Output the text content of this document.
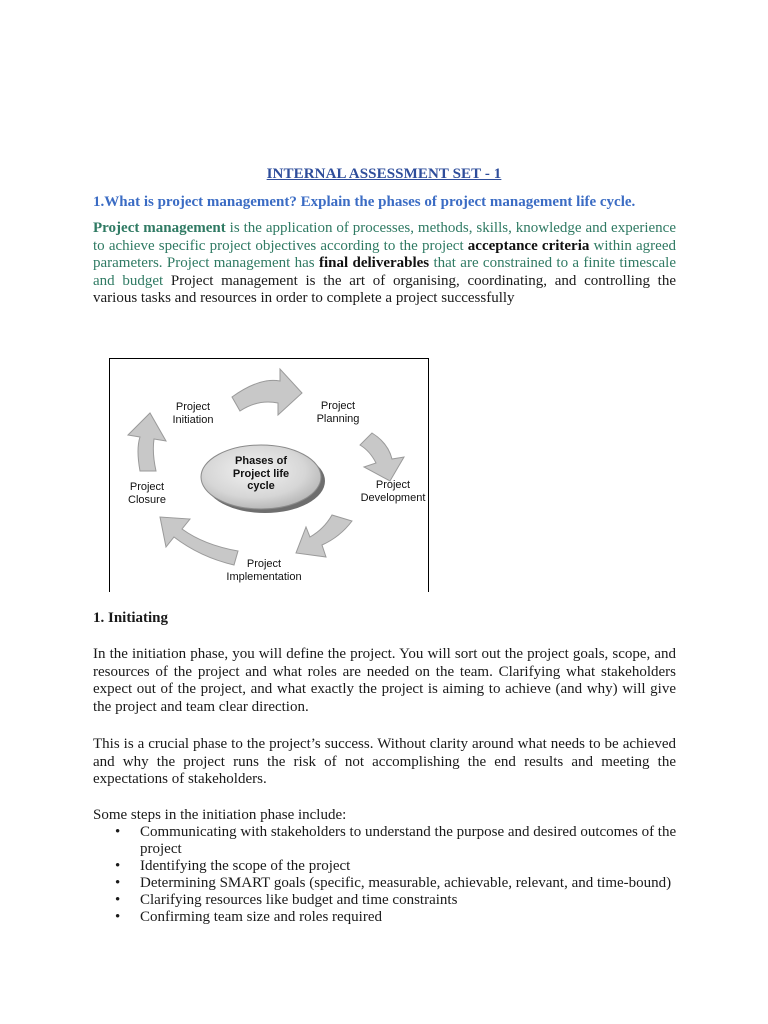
INTERNAL ASSESSMENT SET - 1
1.What is project management? Explain the phases of project management life cycle.
Project management is the application of processes, methods, skills, knowledge and experience to achieve specific project objectives according to the project acceptance criteria within agreed parameters. Project management has final deliverables that are constrained to a finite timescale and budget Project management is the art of organising, coordinating, and controlling the various tasks and resources in order to complete a project successfully
Phases of
Project life
cycle
Project
Initiation
Project
Planning
Project
Development
Project
Implementation
Project
Closure
1. Initiating
In the initiation phase, you will define the project. You will sort out the project goals, scope, and resources of the project and what roles are needed on the team. Clarifying what stakeholders expect out of the project, and what exactly the project is aiming to achieve (and why) will give the project and team clear direction.
This is a crucial phase to the project’s success. Without clarity around what needs to be achieved and why the project runs the risk of not accomplishing the end results and meeting the expectations of stakeholders.
Some steps in the initiation phase include:
• Communicating with stakeholders to understand the purpose and desired outcomes of the project
• Identifying the scope of the project
• Determining SMART goals (specific, measurable, achievable, relevant, and time-bound)
• Clarifying resources like budget and time constraints
• Confirming team size and roles required
